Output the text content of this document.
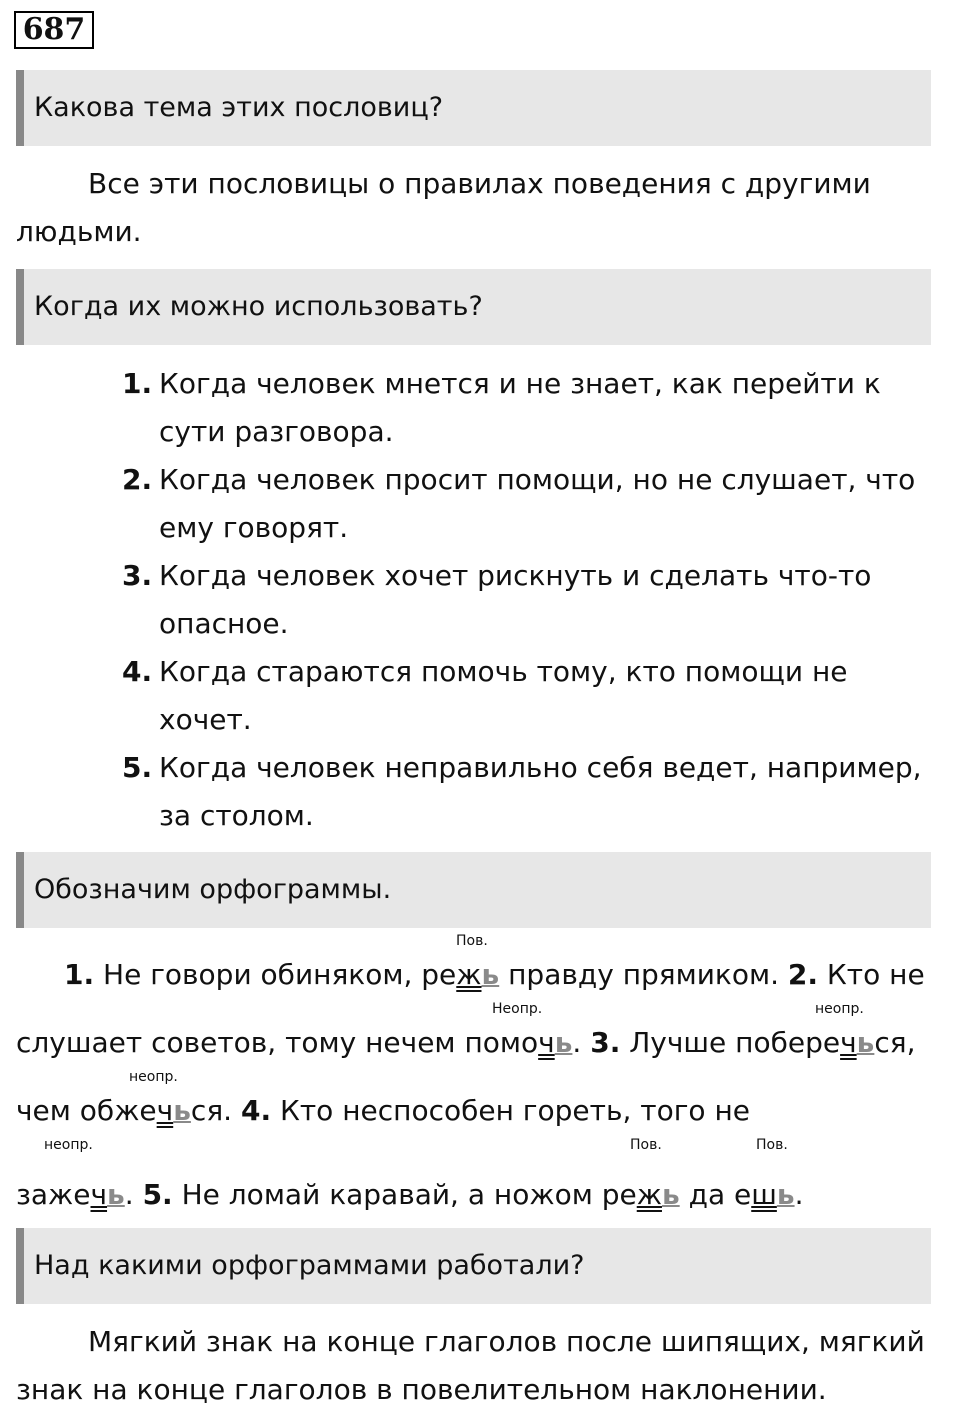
687
Какова тема этих пословиц?
Все эти пословицы о правилах поведения с другими людьми.
Когда их можно использовать?
1. Когда человек мнется и не знает, как перейти к сути разговора.
2. Когда человек просит помощи, но не слушает, что ему говорят.
3. Когда человек хочет рискнуть и сделать что-то опасное.
4. Когда стараются помочь тому, кто помощи не хочет.
5. Когда человек неправильно себя ведет, например, за столом.
Обозначим орфограммы.
Пов.
Неопр.	неопр.
неопр.
неопр.	Пов.	Пов.
1. Не говори обиняком, режь правду прямиком. 2. Кто не
слушает советов, тому нечем помочь. 3. Лучше поберечься,
чем обжечься. 4. Кто неспособен гореть, того не
зажечь. 5. Не ломай каравай, а ножом режь да ешь.
Над какими орфограммами работали?
Мягкий знак на конце глаголов после шипящих, мягкий знак на конце глаголов в повелительном наклонении.
